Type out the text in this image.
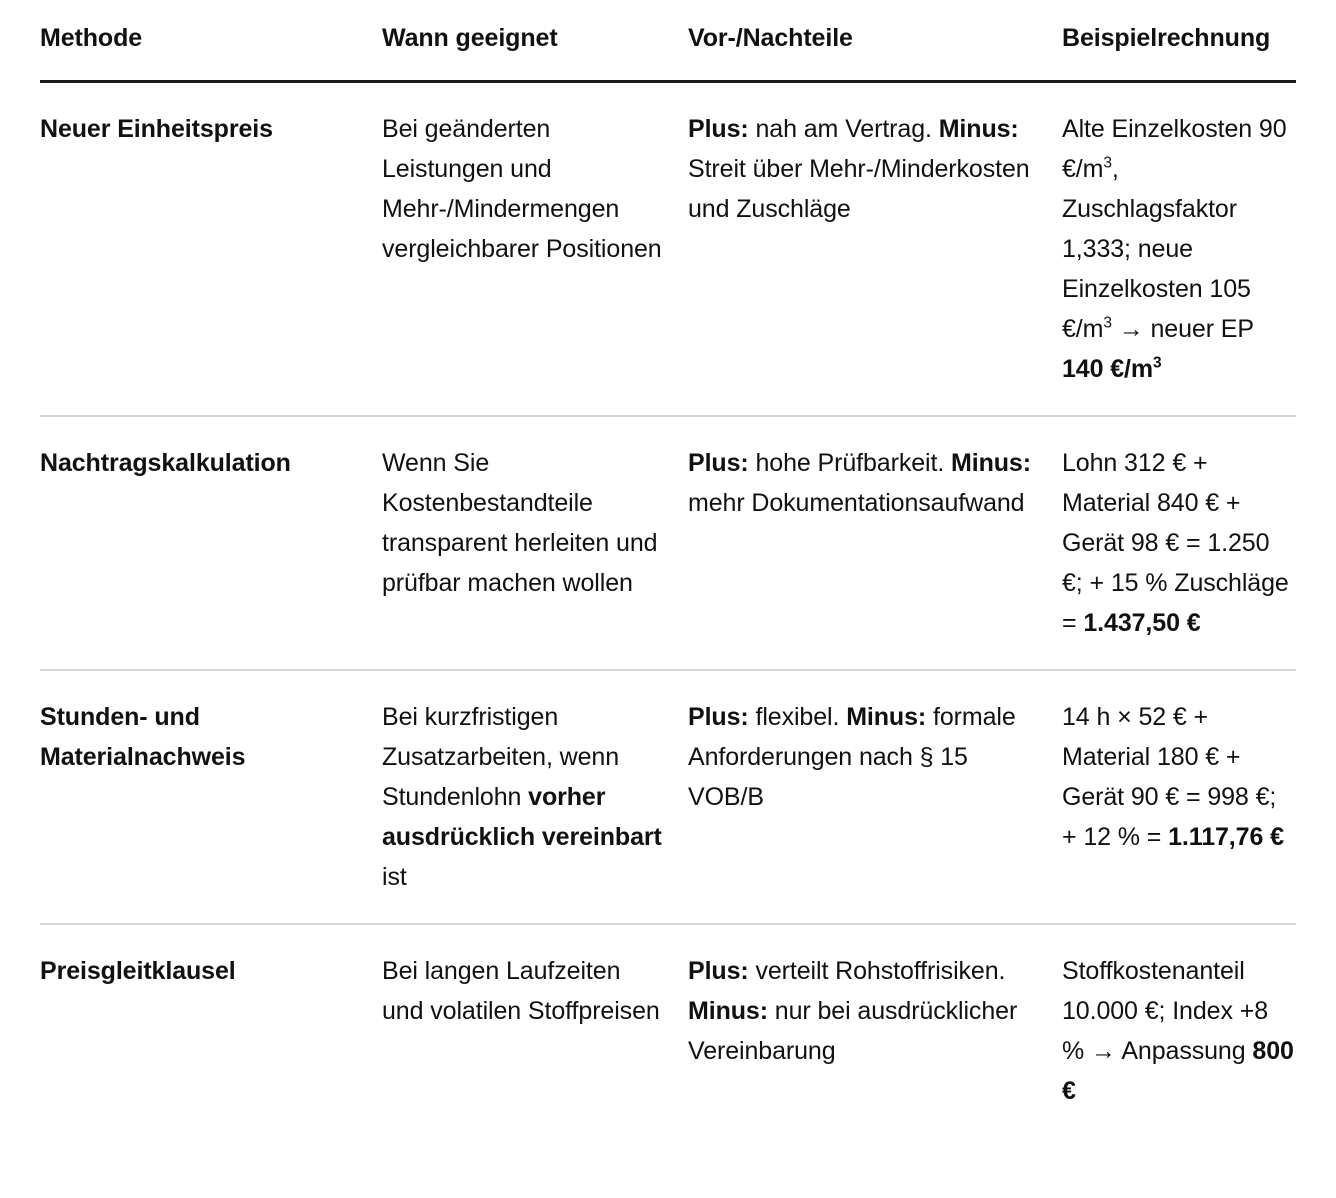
Methode	Wann geeignet	Vor-/Nachteile	Beispielrechnung
Neuer Einheitspreis	Bei geänderten Leistungen und Mehr-/Mindermengen vergleichbarer Positionen	Plus: nah am Vertrag. Minus: Streit über Mehr-/Minderkosten und Zuschläge	Alte Einzelkosten 90 $€/m^3$, Zuschlagsfaktor 1,333; neue Einzelkosten 105 $€/m^3$ → neuer EP 140 $€/m^3$
Nachtragskalkulation	Wenn Sie Kostenbestandteile transparent herleiten und prüfbar machen wollen	Plus: hohe Prüfbarkeit. Minus: mehr Dokumentationsaufwand	Lohn 312 € + Material 840 € + Gerät 98 € = 1.250 €; + 15 % Zuschläge = 1.437,50 €
Stunden- und Materialnachweis	Bei kurzfristigen Zusatzarbeiten, wenn Stundenlohn vorher ausdrücklich vereinbart ist	Plus: flexibel. Minus: formale Anforderungen nach § 15 VOB/B	14 h × 52 € + Material 180 € + Gerät 90 € = 998 €; + 12 % = 1.117,76 €
Preisgleitklausel	Bei langen Laufzeiten und volatilen Stoffpreisen	Plus: verteilt Rohstoffrisiken. Minus: nur bei ausdrücklicher Vereinbarung	Stoffkostenanteil 10.000 €; Index +8 % → Anpassung 800 €
